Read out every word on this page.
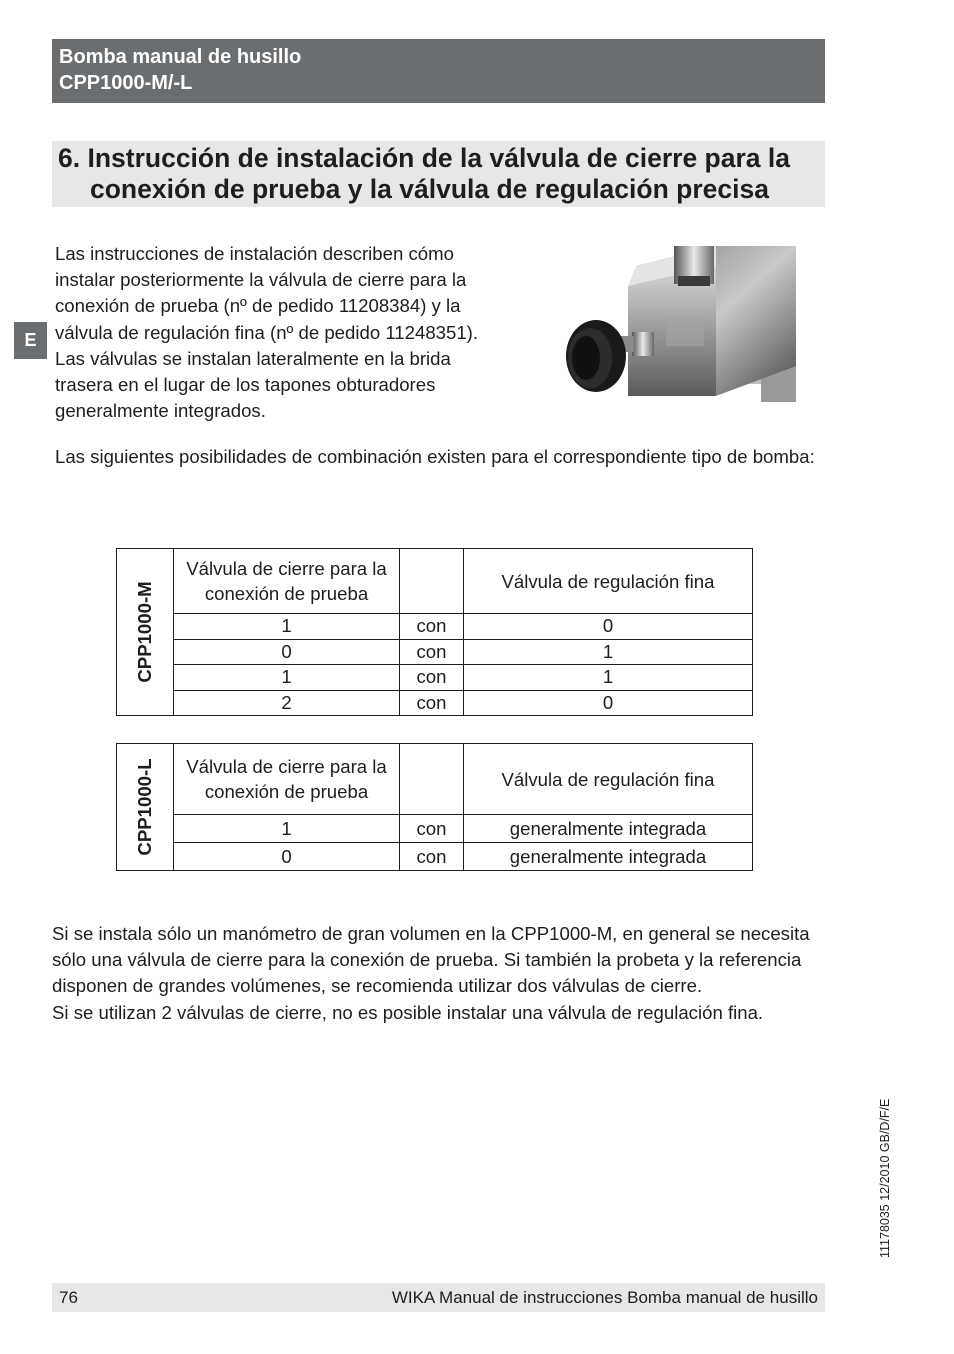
Bomba manual de husillo
CPP1000-M/-L
6. Instrucción de instalación de la válvula de cierre para la
conexión de prueba y la válvula de regulación precisa
E

Las instrucciones de instalación describen cómo instalar posteriormente la válvula de cierre para la conexión de prueba (nº de pedido 11208384) y la válvula de regulación fina (nº de pedido 11248351). Las válvulas se instalan lateralmente en la brida trasera en el lugar de los tapones obturadores generalmente integrados.

Las siguientes posibilidades de combinación existen para el correspondiente tipo de bomba:

CPP1000-M	Válvula de cierre para la conexión de prueba		Válvula de regulación fina
	1	con	0
	0	con	1
	1	con	1
	2	con	0
CPP1000-L	Válvula de cierre para la conexión de prueba		Válvula de regulación fina
	1	con	generalmente integrada
	0	con	generalmente integrada

Si se instala sólo un manómetro de gran volumen en la CPP1000-M, en general se necesita sólo una válvula de cierre para la conexión de prueba. Si también la probeta y la referencia disponen de grandes volúmenes, se recomienda utilizar dos válvulas de cierre.

Si se utilizan 2 válvulas de cierre, no es posible instalar una válvula de regulación fina.

11178035 12/2010 GB/D/F/E
76	WIKA Manual de instrucciones Bomba manual de husillo
